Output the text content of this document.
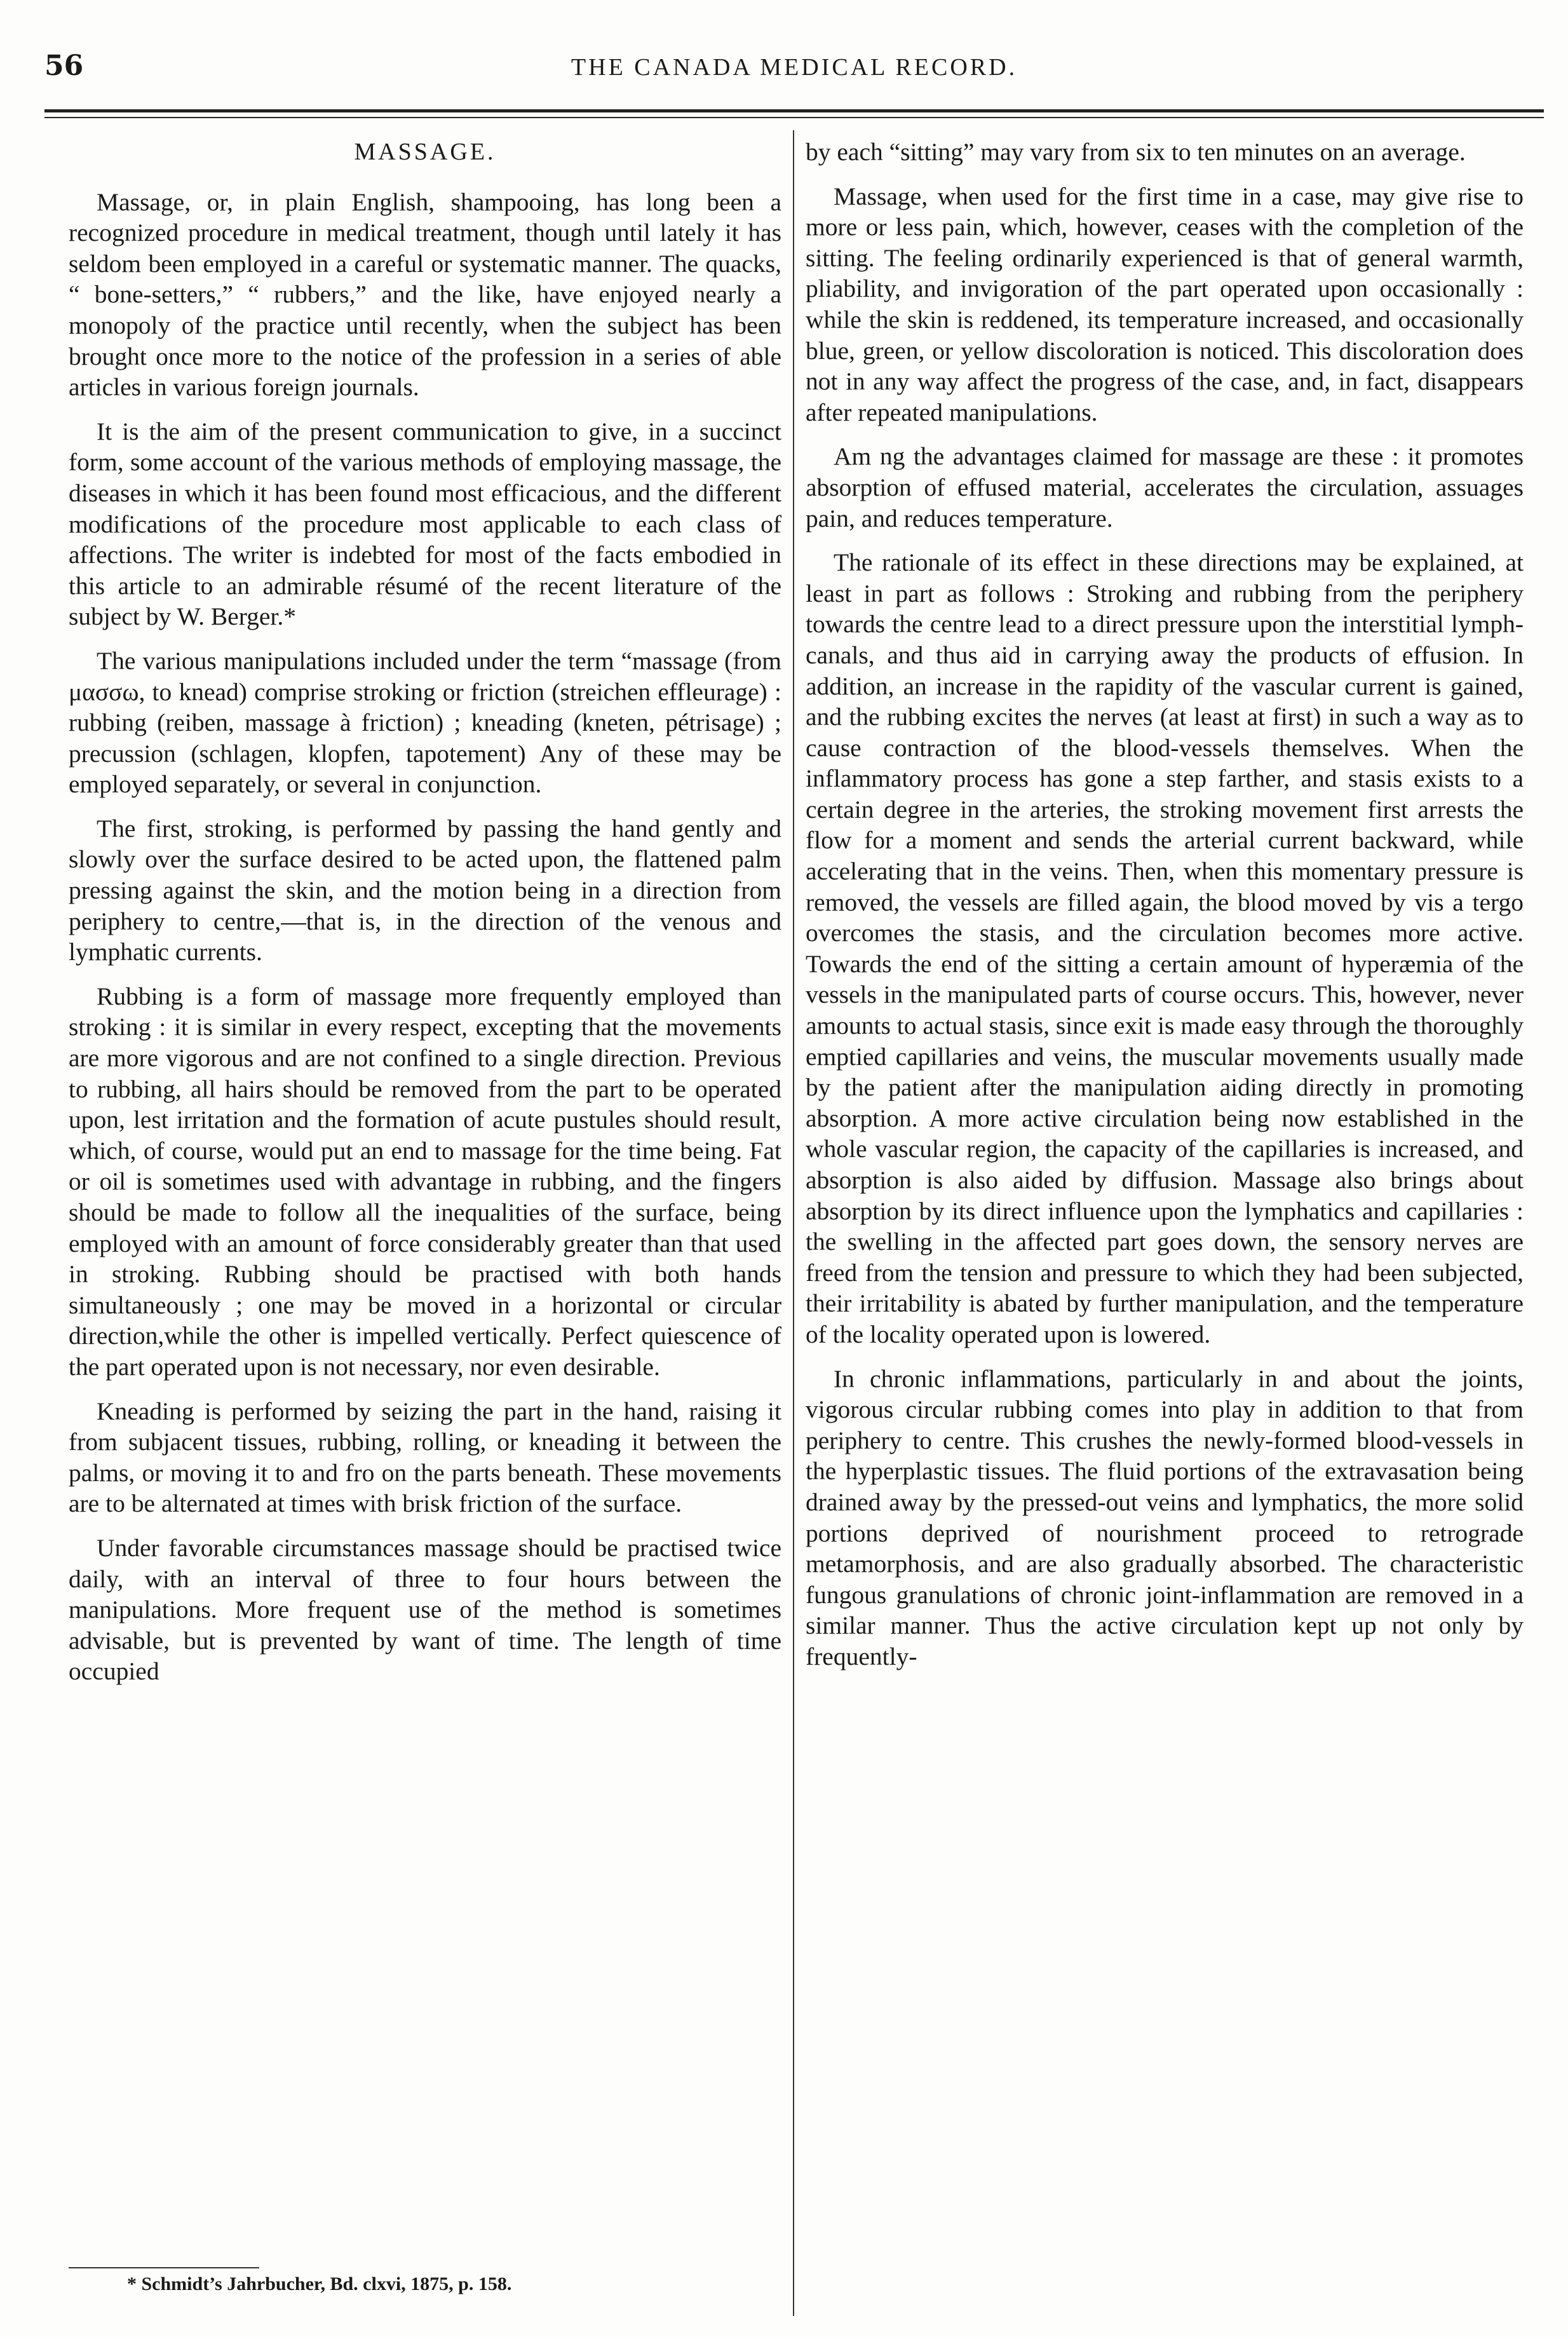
56	THE CANADA MEDICAL RECORD.
MASSAGE.

Massage, or, in plain English, shampooing, has long been a recognized procedure in medical treatment, though until lately it has seldom been employed in a careful or systematic manner. The quacks, “ bone-setters,” “ rubbers,” and the like, have enjoyed nearly a monopoly of the practice until recently, when the subject has been brought once more to the notice of the profession in a series of able articles in various foreign journals.

It is the aim of the present communication to give, in a succinct form, some account of the various methods of employing massage, the diseases in which it has been found most efficacious, and the different modifications of the procedure most applicable to each class of affections. The writer is indebted for most of the facts embodied in this article to an admirable résumé of the recent literature of the subject by W. Berger.*

The various manipulations included under the term “massage (from μασσω, to knead) comprise stroking or friction (streichen effleurage) : rubbing (reiben, massage à friction) ; kneading (kneten, pétrisage) ; precussion (schlagen, klopfen, tapotement) Any of these may be employed separately, or several in conjunction.

The first, stroking, is performed by passing the hand gently and slowly over the surface desired to be acted upon, the flattened palm pressing against the skin, and the motion being in a direction from periphery to centre,—that is, in the direction of the venous and lymphatic currents.

Rubbing is a form of massage more frequently employed than stroking : it is similar in every respect, excepting that the movements are more vigorous and are not confined to a single direction. Previous to rubbing, all hairs should be removed from the part to be operated upon, lest irritation and the formation of acute pustules should result, which, of course, would put an end to massage for the time being. Fat or oil is sometimes used with advantage in rubbing, and the fingers should be made to follow all the inequalities of the surface, being employed with an amount of force considerably greater than that used in stroking. Rubbing should be practised with both hands simultaneously ; one may be moved in a horizontal or circular direction,while the other is impelled vertically. Perfect quiescence of the part operated upon is not necessary, nor even desirable.

Kneading is performed by seizing the part in the hand, raising it from subjacent tissues, rubbing, rolling, or kneading it between the palms, or moving it to and fro on the parts beneath. These movements are to be alternated at times with brisk friction of the surface.

Under favorable circumstances massage should be practised twice daily, with an interval of three to four hours between the manipulations. More frequent use of the method is sometimes advisable, but is prevented by want of time. The length of time occupied

by each “sitting” may vary from six to ten minutes on an average.

Massage, when used for the first time in a case, may give rise to more or less pain, which, however, ceases with the completion of the sitting. The feeling ordinarily experienced is that of general warmth, pliability, and invigoration of the part operated upon occasionally : while the skin is reddened, its temperature increased, and occasionally blue, green, or yellow discoloration is noticed. This discoloration does not in any way affect the progress of the case, and, in fact, disappears after repeated manipulations.

Am ng the advantages claimed for massage are these : it promotes absorption of effused material, accelerates the circulation, assuages pain, and reduces temperature.

The rationale of its effect in these directions may be explained, at least in part as follows : Stroking and rubbing from the periphery towards the centre lead to a direct pressure upon the interstitial lymph-canals, and thus aid in carrying away the products of effusion. In addition, an increase in the rapidity of the vascular current is gained, and the rubbing excites the nerves (at least at first) in such a way as to cause contraction of the blood-vessels themselves. When the inflammatory process has gone a step farther, and stasis exists to a certain degree in the arteries, the stroking movement first arrests the flow for a moment and sends the arterial current backward, while accelerating that in the veins. Then, when this momentary pressure is removed, the vessels are filled again, the blood moved by vis a tergo overcomes the stasis, and the circulation becomes more active. Towards the end of the sitting a certain amount of hyperæmia of the vessels in the manipulated parts of course occurs. This, however, never amounts to actual stasis, since exit is made easy through the thoroughly emptied capillaries and veins, the muscular movements usually made by the patient after the manipulation aiding directly in promoting absorption. A more active circulation being now established in the whole vascular region, the capacity of the capillaries is increased, and absorption is also aided by diffusion. Massage also brings about absorption by its direct influence upon the lymphatics and capillaries : the swelling in the affected part goes down, the sensory nerves are freed from the tension and pressure to which they had been subjected, their irritability is abated by further manipulation, and the temperature of the locality operated upon is lowered.

In chronic inflammations, particularly in and about the joints, vigorous circular rubbing comes into play in addition to that from periphery to centre. This crushes the newly-formed blood-vessels in the hyperplastic tissues. The fluid portions of the extravasation being drained away by the pressed-out veins and lymphatics, the more solid portions deprived of nourishment proceed to retrograde metamorphosis, and are also gradually absorbed. The characteristic fungous granulations of chronic joint-inflammation are removed in a similar manner. Thus the active circulation kept up not only by frequently-

* Schmidt’s Jahrbucher, Bd. clxvi, 1875, p. 158.
